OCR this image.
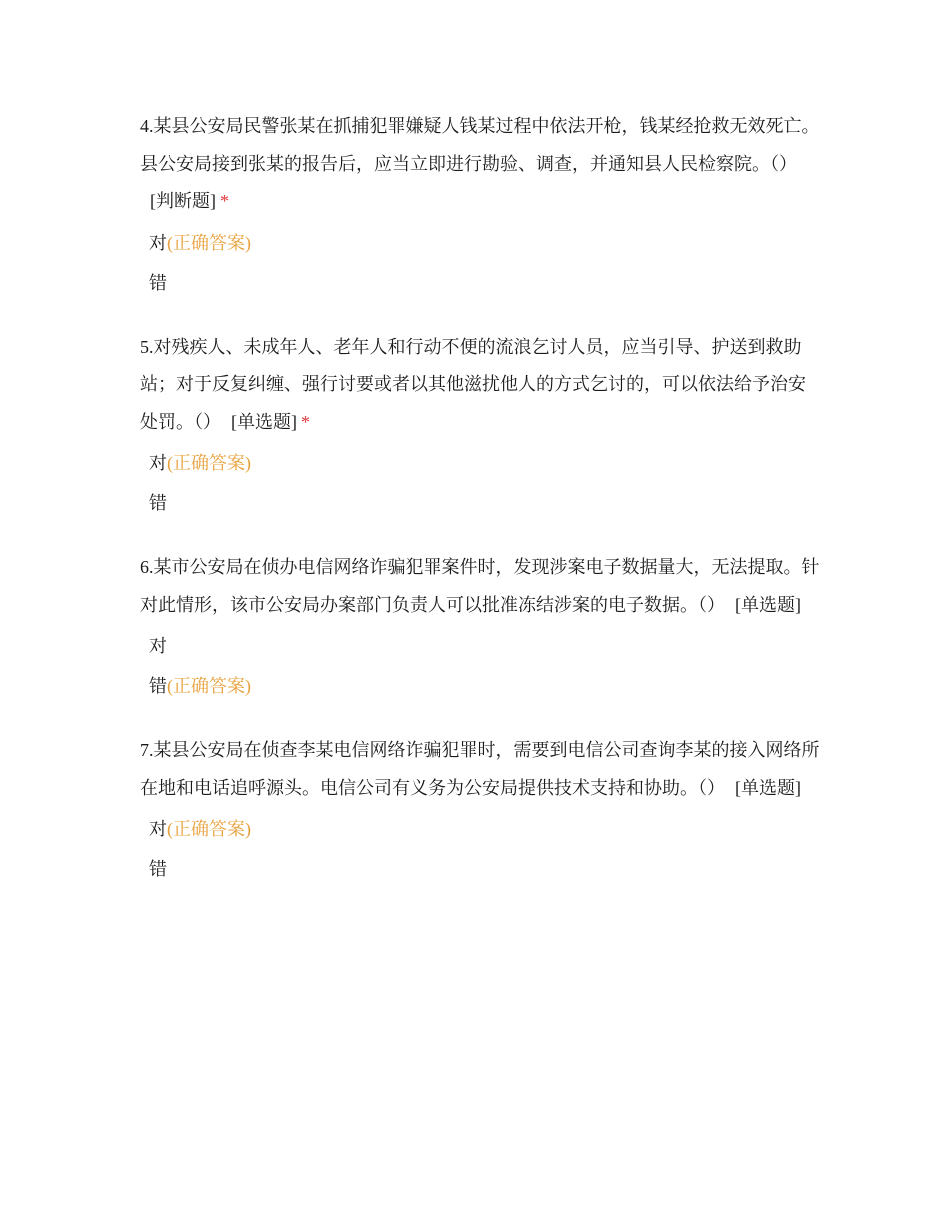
4.某县公安局民警张某在抓捕犯罪嫌疑人钱某过程中依法开枪，钱某经抢救无效死亡。县公安局接到张某的报告后，应当立即进行勘验、调查，并通知县人民检察院。（）[判断题] *

对(正确答案)
错

5.对残疾人、未成年人、老年人和行动不便的流浪乞讨人员，应当引导、护送到救助站；对于反复纠缠、强行讨要或者以其他滋扰他人的方式乞讨的，可以依法给予治安处罚。（） [单选题] *

对(正确答案)
错

6.某市公安局在侦办电信网络诈骗犯罪案件时，发现涉案电子数据量大，无法提取。针对此情形，该市公安局办案部门负责人可以批准冻结涉案的电子数据。（） [单选题]

对
错(正确答案)

7.某县公安局在侦查李某电信网络诈骗犯罪时，需要到电信公司查询李某的接入网络所在地和电话追呼源头。电信公司有义务为公安局提供技术支持和协助。（） [单选题]

对(正确答案)
错
